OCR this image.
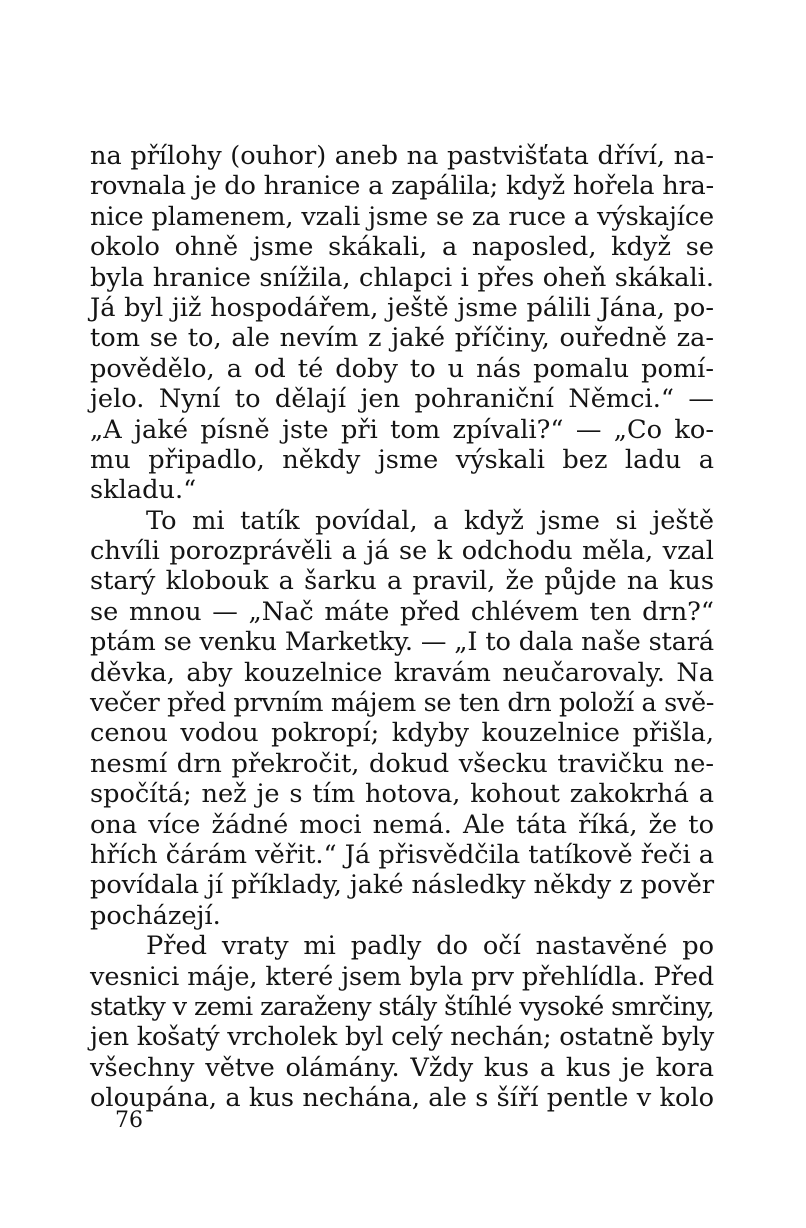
na přílohy (ouhor) aneb na pastvišťata dříví, na-
rovnala je do hranice a zapálila; když hořela hra-
nice plamenem, vzali jsme se za ruce a výskajíce
okolo ohně jsme skákali, a naposled, když se
byla hranice snížila, chlapci i přes oheň skákali.
Já byl již hospodářem, ještě jsme pálili Jána, po-
tom se to, ale nevím z jaké příčiny, ouředně za-
povědělo, a od té doby to u nás pomalu pomí-
jelo. Nyní to dělají jen pohraniční Němci.“ —
„A jaké písně jste při tom zpívali?“ — „Co ko-
mu připadlo, někdy jsme výskali bez ladu a
skladu.“
To mi tatík povídal, a když jsme si ještě
chvíli porozprávěli a já se k odchodu měla, vzal
starý klobouk a šarku a pravil, že půjde na kus
se mnou — „Nač máte před chlévem ten drn?“
ptám se venku Marketky. — „I to dala naše stará
děvka, aby kouzelnice kravám neučarovaly. Na
večer před prvním májem se ten drn položí a svě-
cenou vodou pokropí; kdyby kouzelnice přišla,
nesmí drn překročit, dokud všecku travičku ne-
spočítá; než je s tím hotova, kohout zakokrhá a
ona více žádné moci nemá. Ale táta říká, že to
hřích čárám věřit.“ Já přisvědčila tatíkově řeči a
povídala jí příklady, jaké následky někdy z pověr
pocházejí.
Před vraty mi padly do očí nastavěné po
vesnici máje, které jsem byla prv přehlídla. Před
statky v zemi zaraženy stály štíhlé vysoké smrčiny,
jen košatý vrcholek byl celý nechán; ostatně byly
všechny větve olámány. Vždy kus a kus je kora
oloupána, a kus nechána, ale s šíří pentle v kolo
76
